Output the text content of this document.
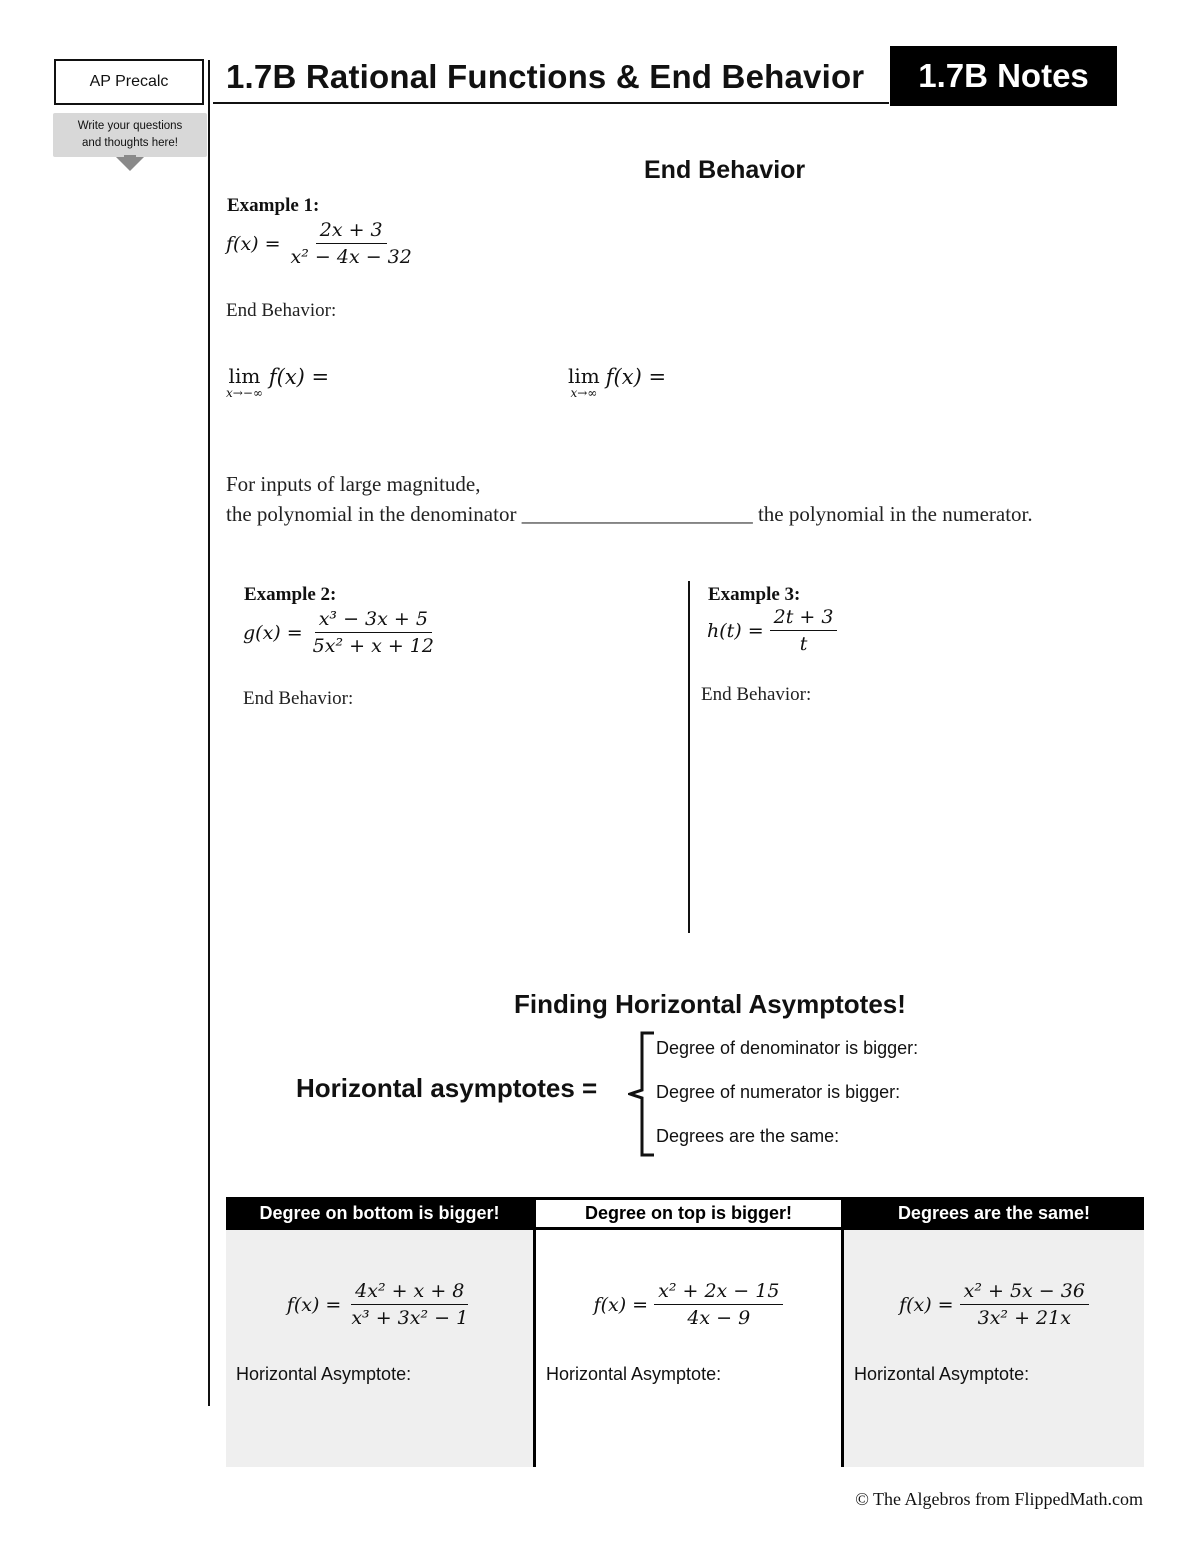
AP Precalc
Write your questions and thoughts here!
1.7B Rational Functions & End Behavior	1.7B Notes
End Behavior
Example 1:
$f(x) = \frac{2x + 3}{\text{x² − 4x − 32}}$
End Behavior:
lim
x→−∞
f(x) =	lim
x→∞
f(x) =
For inputs of large magnitude,
the polynomial in the denominator ______________________ the polynomial in the numerator.
Example 2:
$g(x) = \frac{\text{x³ − 3x + 5}}{\text{5x² + x + 12}}$
End Behavior:
Example 3:
$h(t) = \frac{2t + 3}{t}$
End Behavior:
Finding Horizontal Asymptotes!
Horizontal asymptotes =
Degree of denominator is bigger:
Degree of numerator is bigger:
Degrees are the same:
Degree on bottom is bigger!
$f(x) = \frac{\text{4x² + x + 8}}{\text{x³ + 3x² − 1}}$
Horizontal Asymptote:
Degree on top is bigger!
$f(x) = \frac{\text{x² + 2x − 15}}{4x - 9}$
Horizontal Asymptote:
Degrees are the same!
$f(x) = \frac{\text{x² + 5x − 36}}{\text{3x² + 21x}}$
Horizontal Asymptote:
© The Algebros from FlippedMath.com
